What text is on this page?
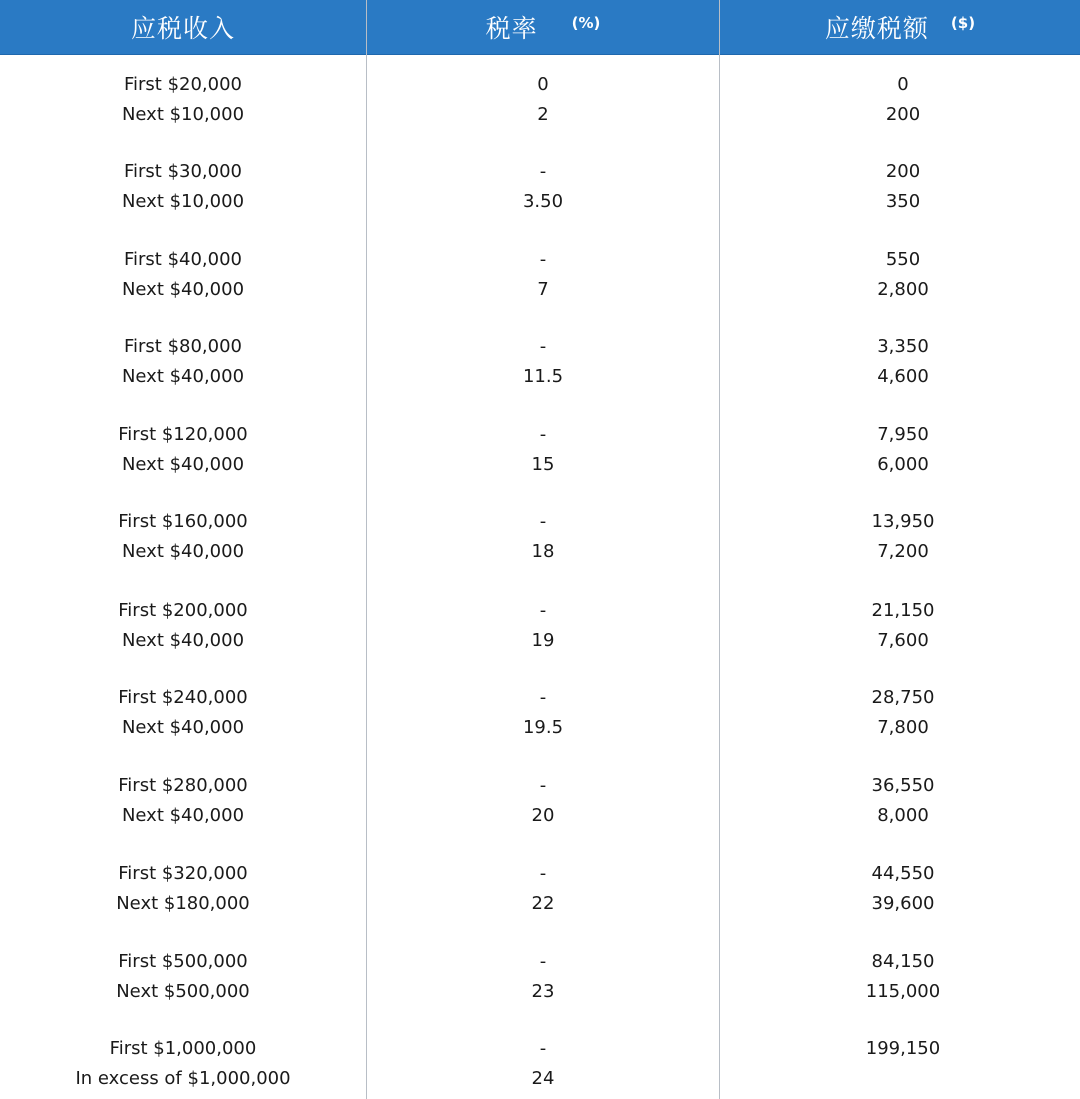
应税收入	税率 (%)	应缴税额 ($)
First $20,000
Next $10,000
0
2
0
200
First $30,000
Next $10,000
-
3.50
200
350
First $40,000
Next $40,000
-
7
550
2,800
First $80,000
Next $40,000
-
11.5
3,350
4,600
First $120,000
Next $40,000
-
15
7,950
6,000
First $160,000
Next $40,000
-
18
13,950
7,200
First $200,000
Next $40,000
-
19
21,150
7,600
First $240,000
Next $40,000
-
19.5
28,750
7,800
First $280,000
Next $40,000
-
20
36,550
8,000
First $320,000
Next $180,000
-
22
44,550
39,600
First $500,000
Next $500,000
-
23
84,150
115,000
First $1,000,000
In excess of $1,000,000
-
24
199,150
